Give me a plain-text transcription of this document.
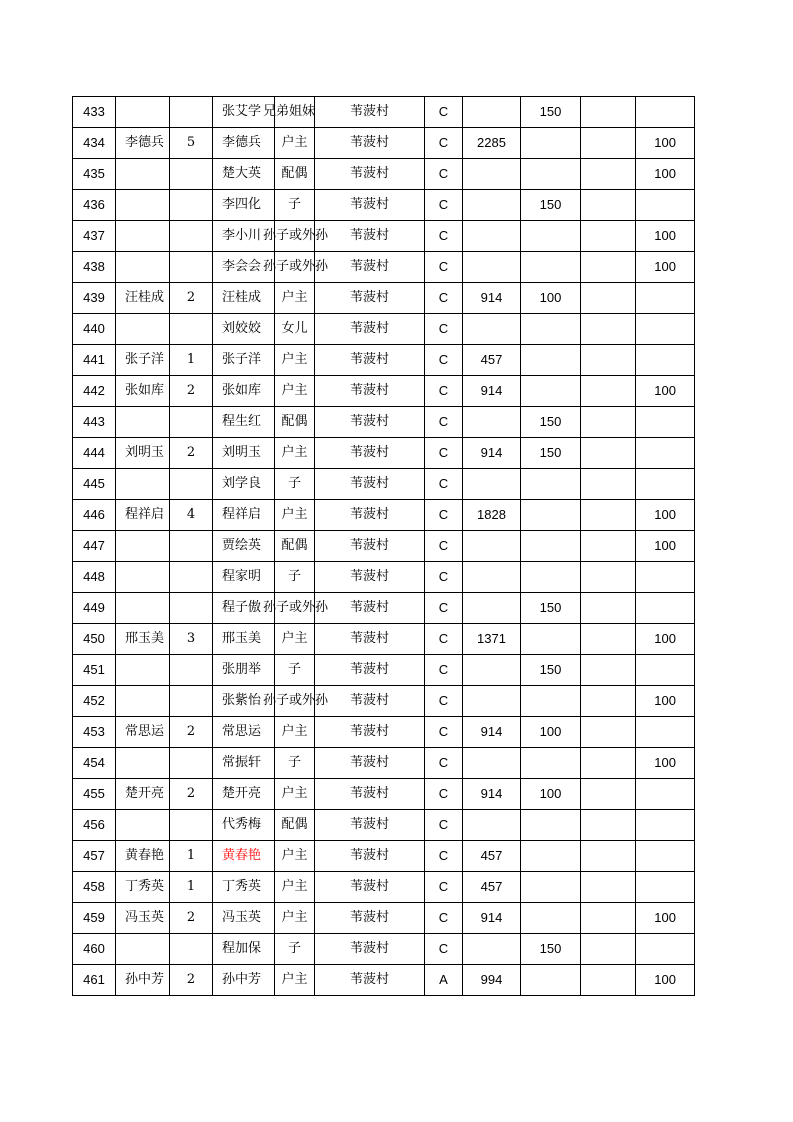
433			张艾学	兄弟姐妹	苇菠村	C		150		
434	李德兵	5	李德兵	户主	苇菠村	C	2285			100
435			楚大英	配偶	苇菠村	C				100
436			李四化	子	苇菠村	C		150		
437			李小川	孙子或外孙	苇菠村	C				100
438			李会会	孙子或外孙	苇菠村	C				100
439	汪桂成	2	汪桂成	户主	苇菠村	C	914	100		
440			刘姣姣	女儿	苇菠村	C				
441	张子洋	1	张子洋	户主	苇菠村	C	457			
442	张如库	2	张如库	户主	苇菠村	C	914			100
443			程生红	配偶	苇菠村	C		150		
444	刘明玉	2	刘明玉	户主	苇菠村	C	914	150		
445			刘学良	子	苇菠村	C				
446	程祥启	4	程祥启	户主	苇菠村	C	1828			100
447			贾绘英	配偶	苇菠村	C				100
448			程家明	子	苇菠村	C				
449			程子傲	孙子或外孙	苇菠村	C		150		
450	邢玉美	3	邢玉美	户主	苇菠村	C	1371			100
451			张朋举	子	苇菠村	C		150		
452			张紫怡	孙子或外孙	苇菠村	C				100
453	常思运	2	常思运	户主	苇菠村	C	914	100		
454			常振轩	子	苇菠村	C				100
455	楚开亮	2	楚开亮	户主	苇菠村	C	914	100		
456			代秀梅	配偶	苇菠村	C				
457	黄春艳	1	黄春艳	户主	苇菠村	C	457			
458	丁秀英	1	丁秀英	户主	苇菠村	C	457			
459	冯玉英	2	冯玉英	户主	苇菠村	C	914			100
460			程加保	子	苇菠村	C		150		
461	孙中芳	2	孙中芳	户主	苇菠村	A	994			100
